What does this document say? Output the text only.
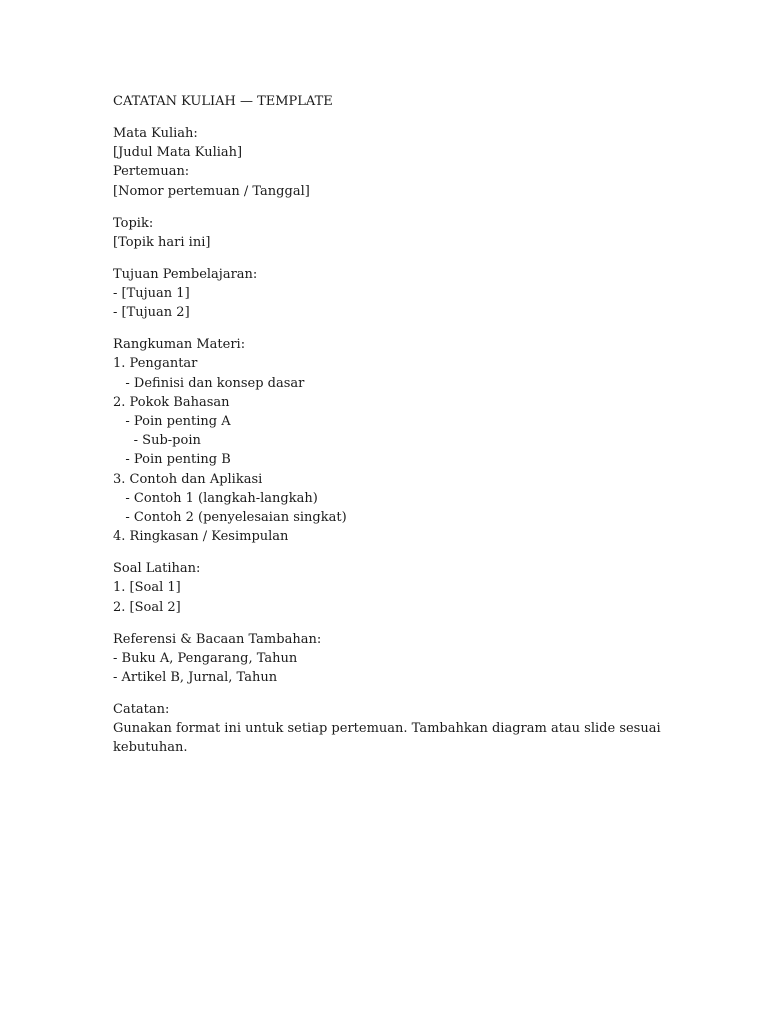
CATATAN KULIAH — TEMPLATE
Mata Kuliah:
[Judul Mata Kuliah]
Pertemuan:
[Nomor pertemuan / Tanggal]
Topik:
[Topik hari ini]
Tujuan Pembelajaran:
- [Tujuan 1]
- [Tujuan 2]
Rangkuman Materi:
1. Pengantar
- Definisi dan konsep dasar
2. Pokok Bahasan
- Poin penting A
- Sub-poin
- Poin penting B
3. Contoh dan Aplikasi
- Contoh 1 (langkah-langkah)
- Contoh 2 (penyelesaian singkat)
4. Ringkasan / Kesimpulan
Soal Latihan:
1. [Soal 1]
2. [Soal 2]
Referensi & Bacaan Tambahan:
- Buku A, Pengarang, Tahun
- Artikel B, Jurnal, Tahun
Catatan:
Gunakan format ini untuk setiap pertemuan. Tambahkan diagram atau slide sesuai kebutuhan.
